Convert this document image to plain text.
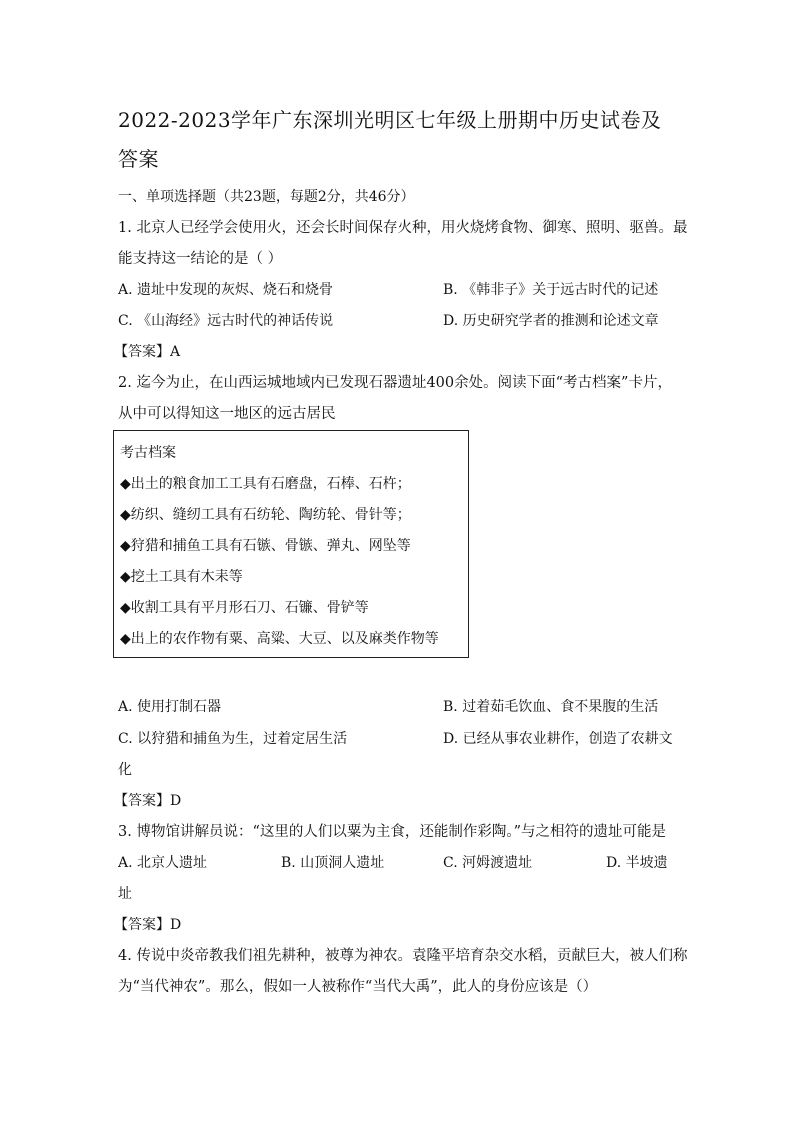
2022-2023学年广东深圳光明区七年级上册期中历史试卷及
答案
一、单项选择题（共23题，每题2分，共46分）
1. 北京人已经学会使用火，还会长时间保存火种，用火烧烤食物、御寒、照明、驱兽。最
能支持这一结论的是（ ）
A. 遗址中发现的灰烬、烧石和烧骨	B. 《韩非子》关于远古时代的记述
C. 《山海经》远古时代的神话传说	D. 历史研究学者的推测和论述文章
【答案】A
2. 迄今为止，在山西运城地域内已发现石器遗址400余处。阅读下面“考古档案”卡片，
从中可以得知这一地区的远古居民
考古档案
◆出土的粮食加工工具有石磨盘，石棒、石杵；
◆纺织、缝纫工具有石纺轮、陶纺轮、骨针等；
◆狩猎和捕鱼工具有石镞、骨镞、弹丸、网坠等
◆挖土工具有木耒等
◆收割工具有平月形石刀、石镰、骨铲等
◆出上的农作物有粟、高粱、大豆、以及麻类作物等
A. 使用打制石器	B. 过着茹毛饮血、食不果腹的生活
C. 以狩猎和捕鱼为生，过着定居生活	D. 已经从事农业耕作，创造了农耕文
化
【答案】D
3. 博物馆讲解员说：“这里的人们以粟为主食，还能制作彩陶。”与之相符的遗址可能是
A. 北京人遗址	B. 山顶洞人遗址	C. 河姆渡遗址	D. 半坡遗
址
【答案】D
4. 传说中炎帝教我们祖先耕种，被尊为神农。袁隆平培育杂交水稻，贡献巨大，被人们称
为“当代神农”。那么，假如一人被称作“当代大禹”，此人的身份应该是（）
